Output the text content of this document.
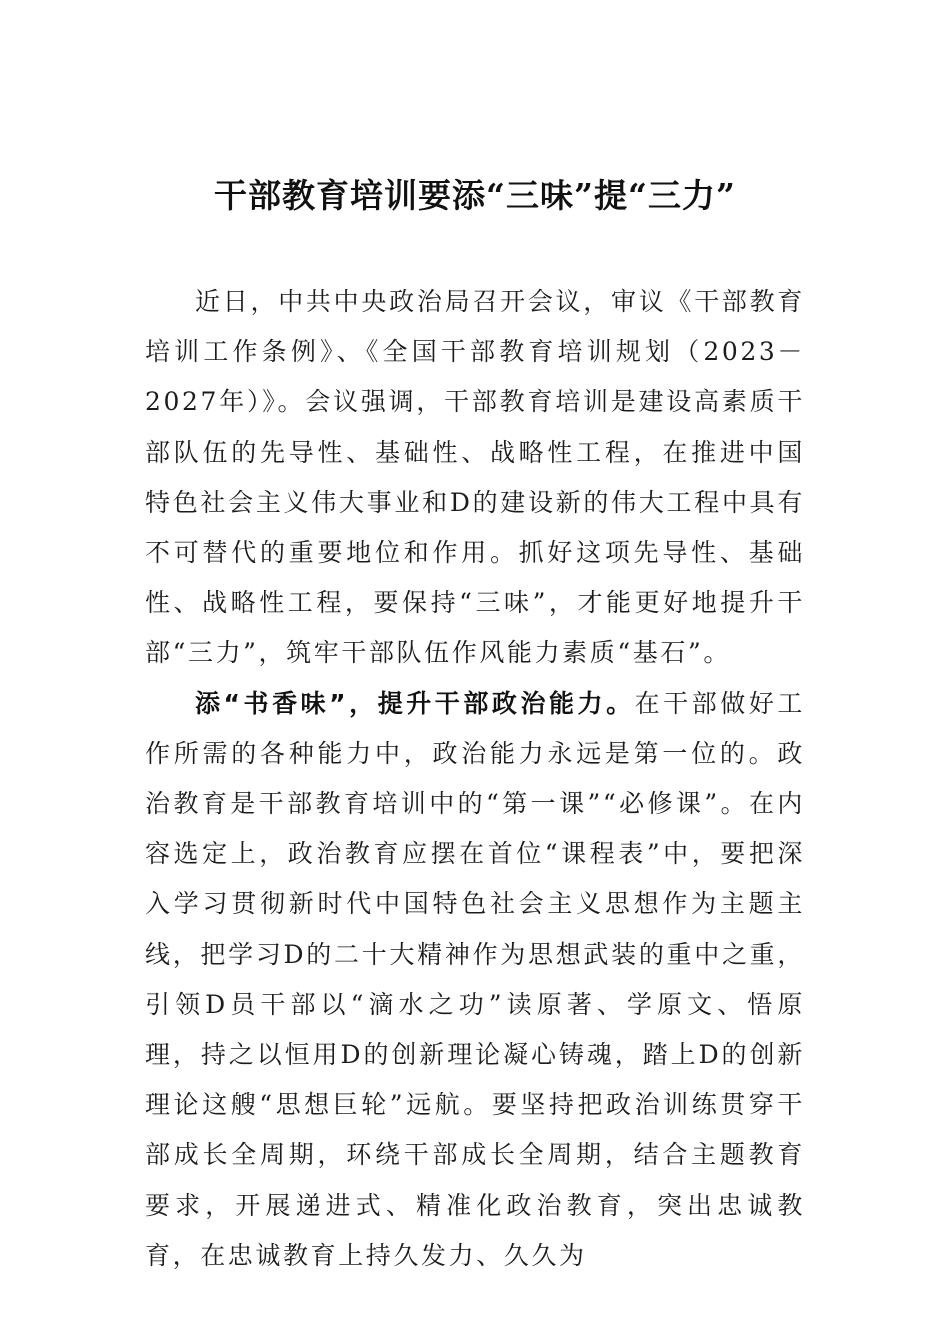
干部教育培训要添“三味”提“三力”

近日，中共中央政治局召开会议，审议《干部教育培训工作条例》、《全国干部教育培训规划（2023－2027年）》。会议强调，干部教育培训是建设高素质干部队伍的先导性、基础性、战略性工程，在推进中国特色社会主义伟大事业和D的建设新的伟大工程中具有不可替代的重要地位和作用。抓好这项先导性、基础性、战略性工程，要保持“三味”，才能更好地提升干部“三力”，筑牢干部队伍作风能力素质“基石”。

添“书香味”，提升干部政治能力。在干部做好工作所需的各种能力中，政治能力永远是第一位的。政治教育是干部教育培训中的“第一课”“必修课”。在内容选定上，政治教育应摆在首位“课程表”中，要把深入学习贯彻新时代中国特色社会主义思想作为主题主线，把学习D的二十大精神作为思想武装的重中之重，引领D员干部以“滴水之功”读原著、学原文、悟原理，持之以恒用D的创新理论凝心铸魂，踏上D的创新理论这艘“思想巨轮”远航。要坚持把政治训练贯穿干部成长全周期，环绕干部成长全周期，结合主题教育要求，开展递进式、精准化政治教育，突出忠诚教育，在忠诚教育上持久发力、久久为
